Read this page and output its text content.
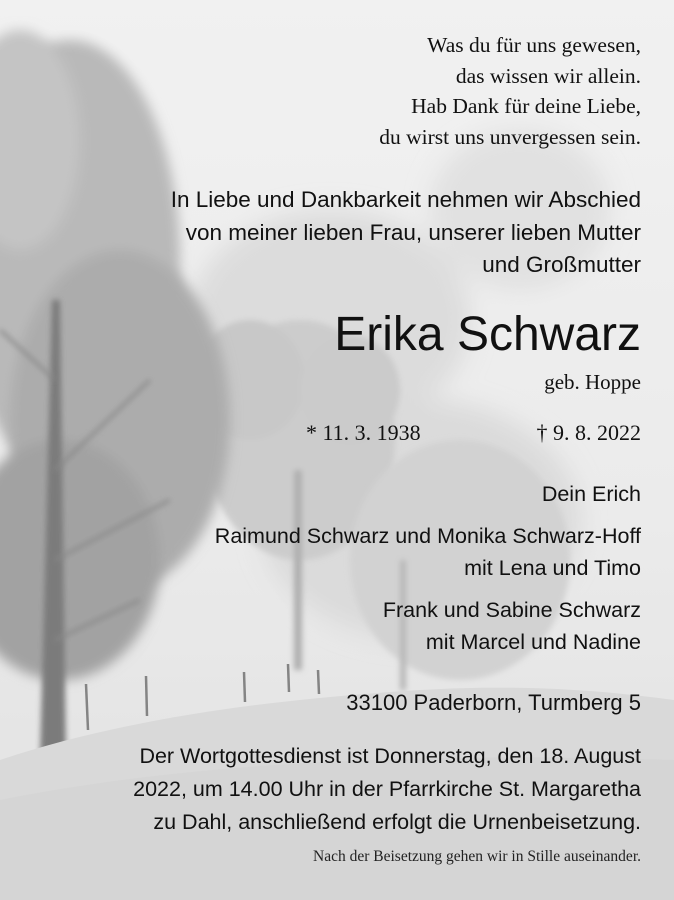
Was du für uns gewesen,
das wissen wir allein.
Hab Dank für deine Liebe,
du wirst uns unvergessen sein.
In Liebe und Dankbarkeit nehmen wir Abschied
von meiner lieben Frau, unserer lieben Mutter
und Großmutter
Erika Schwarz
geb. Hoppe
* 11. 3. 1938	† 9. 8. 2022
Dein Erich
Raimund Schwarz und Monika Schwarz-Hoff
mit Lena und Timo
Frank und Sabine Schwarz
mit Marcel und Nadine
33100 Paderborn, Turmberg 5
Der Wortgottesdienst ist Donnerstag, den 18. August
2022, um 14.00 Uhr in der Pfarrkirche St. Margaretha
zu Dahl, anschließend erfolgt die Urnenbeisetzung.
Nach der Beisetzung gehen wir in Stille auseinander.
